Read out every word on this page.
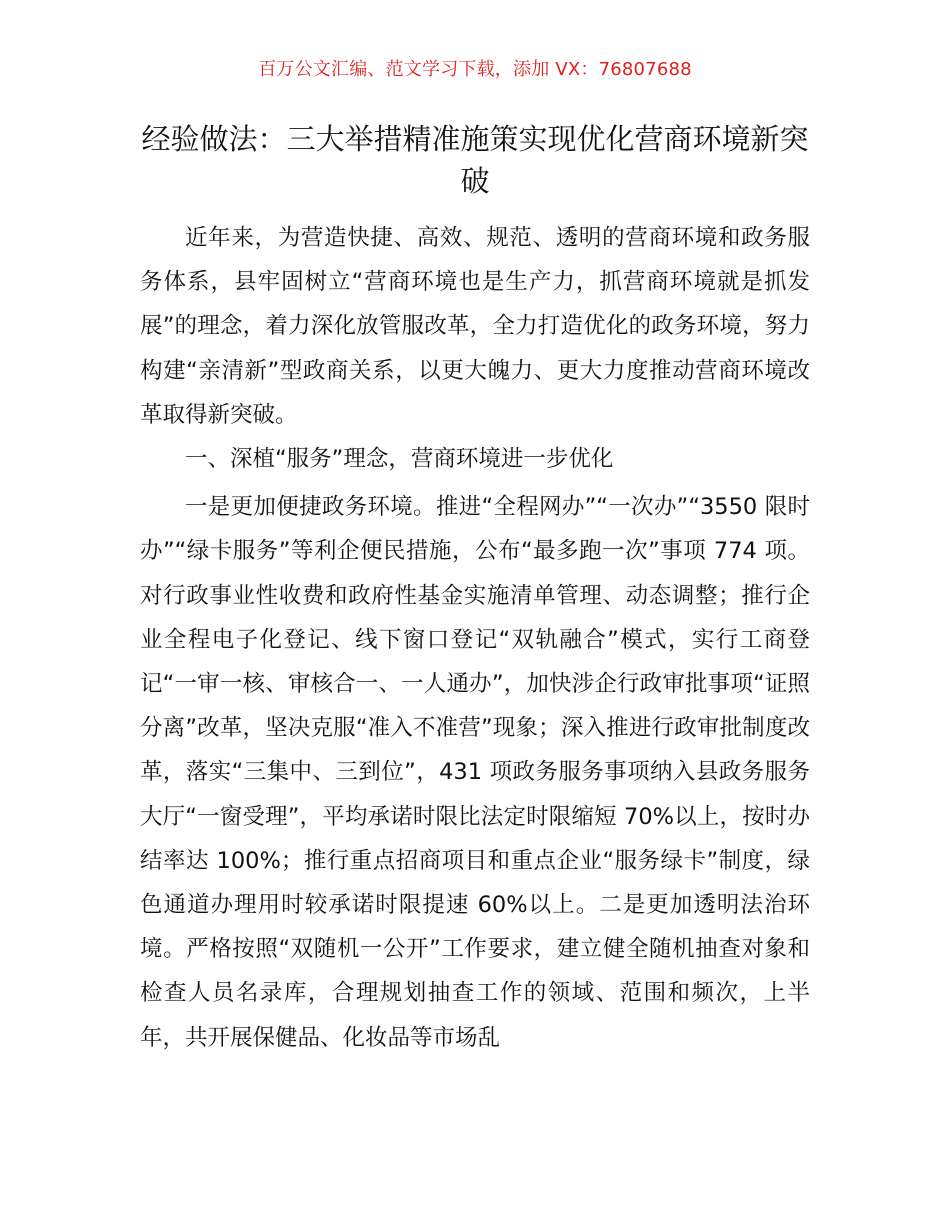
百万公文汇编、范文学习下载，添加 VX：76807688
经验做法：三大举措精准施策实现优化营商环境新突破

近年来，为营造快捷、高效、规范、透明的营商环境和政务服务体系，县牢固树立“营商环境也是生产力，抓营商环境就是抓发展”的理念，着力深化放管服改革，全力打造优化的政务环境，努力构建“亲清新”型政商关系，以更大魄力、更大力度推动营商环境改革取得新突破。

一、深植“服务”理念，营商环境进一步优化

一是更加便捷政务环境。推进“全程网办”“一次办”“3550 限时办”“绿卡服务”等利企便民措施，公布“最多跑一次”事项 774 项。对行政事业性收费和政府性基金实施清单管理、动态调整；推行企业全程电子化登记、线下窗口登记“双轨融合”模式，实行工商登记“一审一核、审核合一、一人通办”，加快涉企行政审批事项“证照分离”改革，坚决克服“准入不准营”现象；深入推进行政审批制度改革，落实“三集中、三到位”，431 项政务服务事项纳入县政务服务大厅“一窗受理”，平均承诺时限比法定时限缩短 70%以上，按时办结率达 100%；推行重点招商项目和重点企业“服务绿卡”制度，绿色通道办理用时较承诺时限提速 60%以上。二是更加透明法治环境。严格按照“双随机一公开”工作要求，建立健全随机抽查对象和检查人员名录库，合理规划抽查工作的领域、范围和频次，上半年，共开展保健品、化妆品等市场乱
